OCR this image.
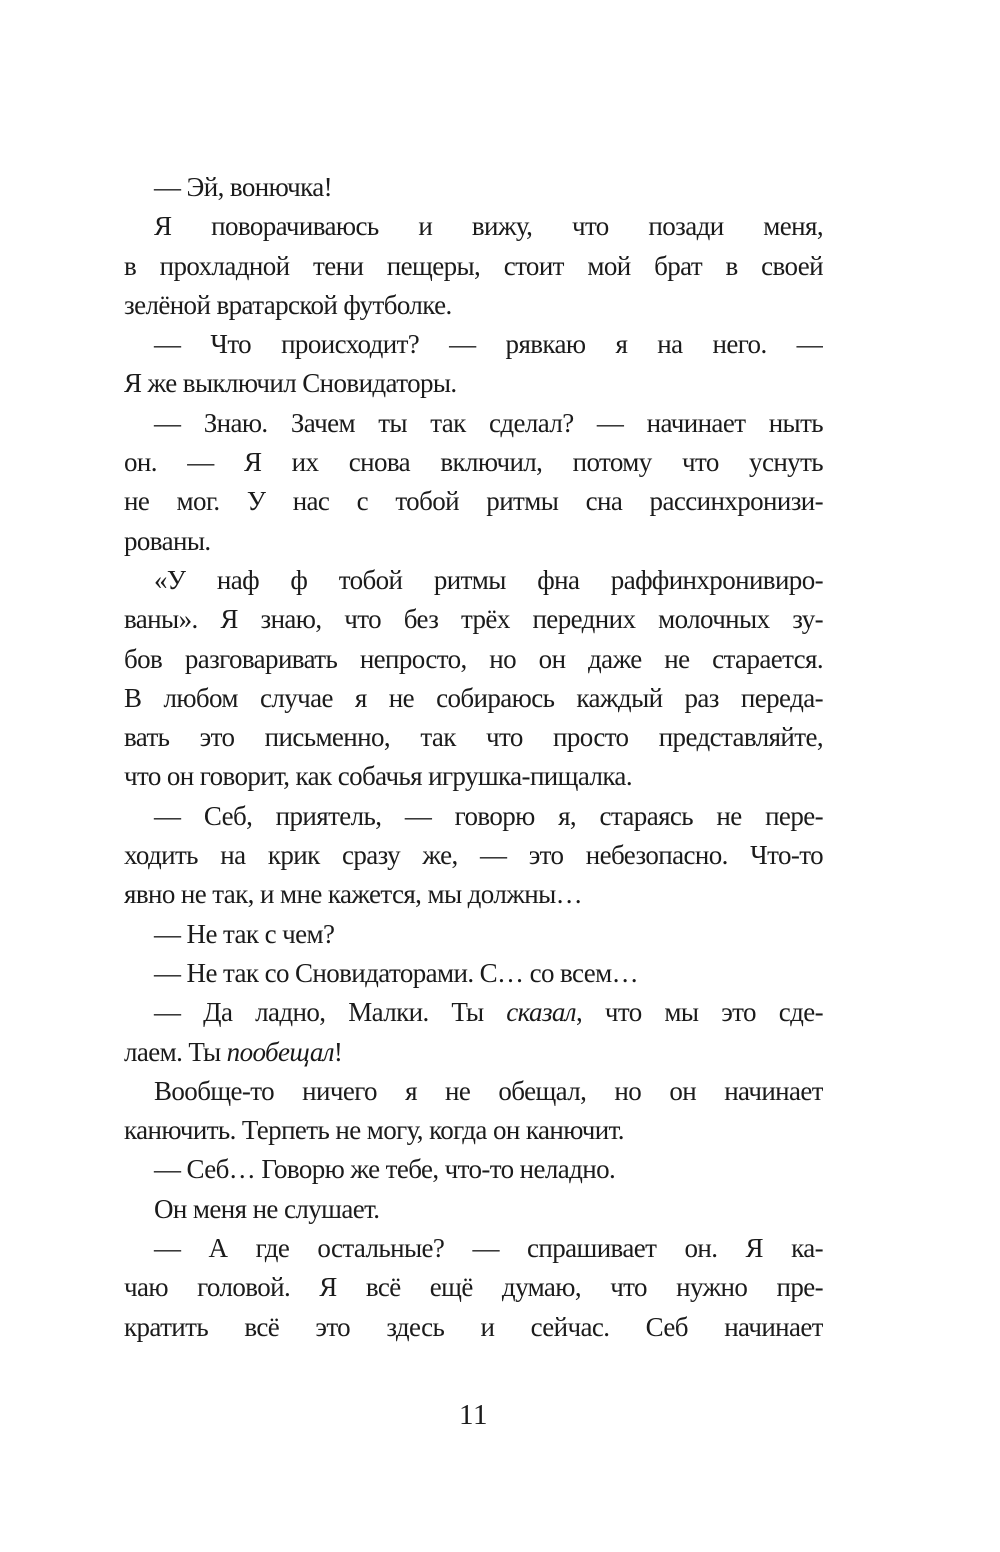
— Эй, вонючка!
Я поворачиваюсь и вижу, что позади меня,
в прохладной тени пещеры, стоит мой брат в своей
зелёной вратарской футболке.
— Что происходит? — рявкаю я на него. —
Я же выключил Сновидаторы.
— Знаю. Зачем ты так сделал? — начинает ныть
он. — Я их снова включил, потому что уснуть
не мог. У нас с тобой ритмы сна рассинхронизи-
рованы.
«У наф ф тобой ритмы фна раффинхронивиро-
ваны». Я знаю, что без трёх передних молочных зу-
бов разговаривать непросто, но он даже не старается.
В любом случае я не собираюсь каждый раз переда-
вать это письменно, так что просто представляйте,
что он говорит, как собачья игрушка-пищалка.
— Себ, приятель, — говорю я, стараясь не пере-
ходить на крик сразу же, — это небезопасно. Что-то
явно не так, и мне кажется, мы должны…
— Не так с чем?
— Не так со Сновидаторами. С… со всем…
— Да ладно, Малки. Ты сказал, что мы это сде-
лаем. Ты пообещал!
Вообще-то ничего я не обещал, но он начинает
канючить. Терпеть не могу, когда он канючит.
— Себ… Говорю же тебе, что-то неладно.
Он меня не слушает.
— А где остальные? — спрашивает он. Я ка-
чаю головой. Я всё ещё думаю, что нужно пре-
кратить всё это здесь и сейчас. Себ начинает
11
